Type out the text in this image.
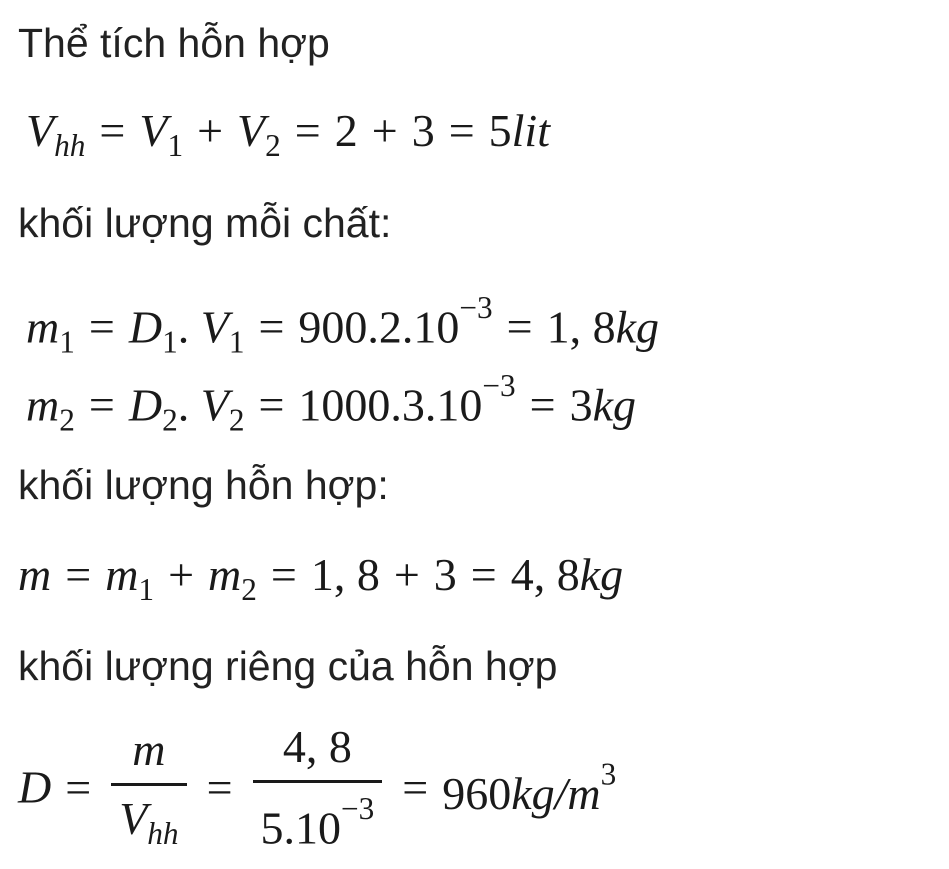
Thể tích hỗn hợp
$V_{hh} = V_1 + V_2 = 2 + 3 = 5lit$
khối lượng mỗi chất:
$m_1 = D_1$. $V_1 = 900.2.10^{-3} = 1$, 8kg
$m_2 = D_2$. $V_2 = 1000.3.10^{-3} = 3kg$
khối lượng hỗn hợp:
$m = m_1 + m_2 = 1$, 8 + 3 = 4, 8kg
khối lượng riêng của hỗn hợp
$D = \frac{m}{V_{hh}} = \frac{4, 8}{5.10^{-3}} = 960kg/m^3$
